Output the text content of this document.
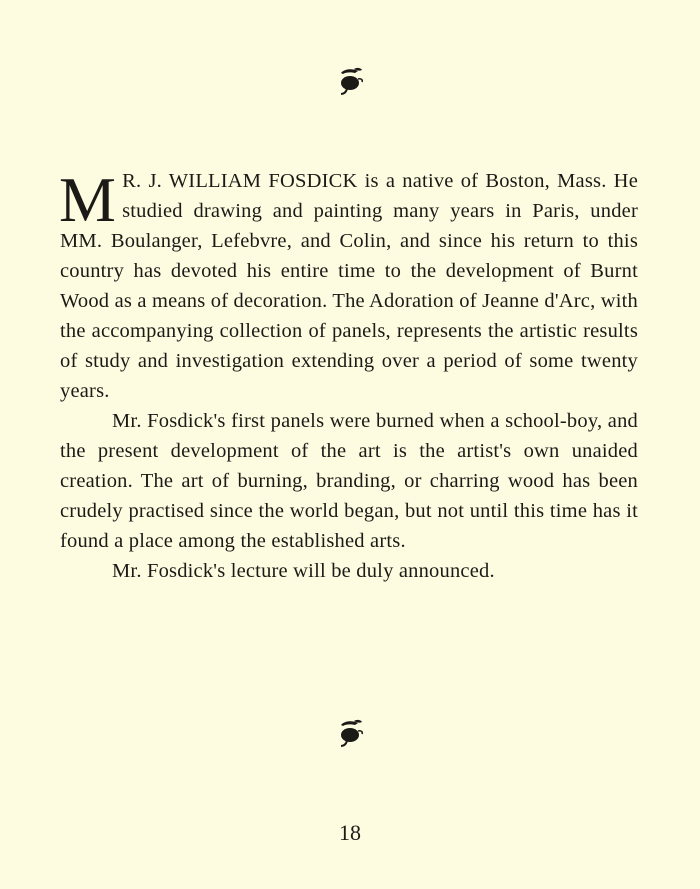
M R. J. WILLIAM FOSDICK is a native of Boston, Mass. He studied drawing and painting many years in Paris, under MM. Boulanger, Lefebvre, and Colin, and since his return to this country has devoted his entire time to the development of Burnt Wood as a means of decoration. The Adoration of Jeanne d'Arc, with the accompanying collection of panels, represents the artistic results of study and investigation extending over a period of some twenty years.

Mr. Fosdick's first panels were burned when a school-boy, and the present development of the art is the artist's own unaided creation. The art of burning, branding, or charring wood has been crudely practised since the world began, but not until this time has it found a place among the established arts.

Mr. Fosdick's lecture will be duly announced.

18
